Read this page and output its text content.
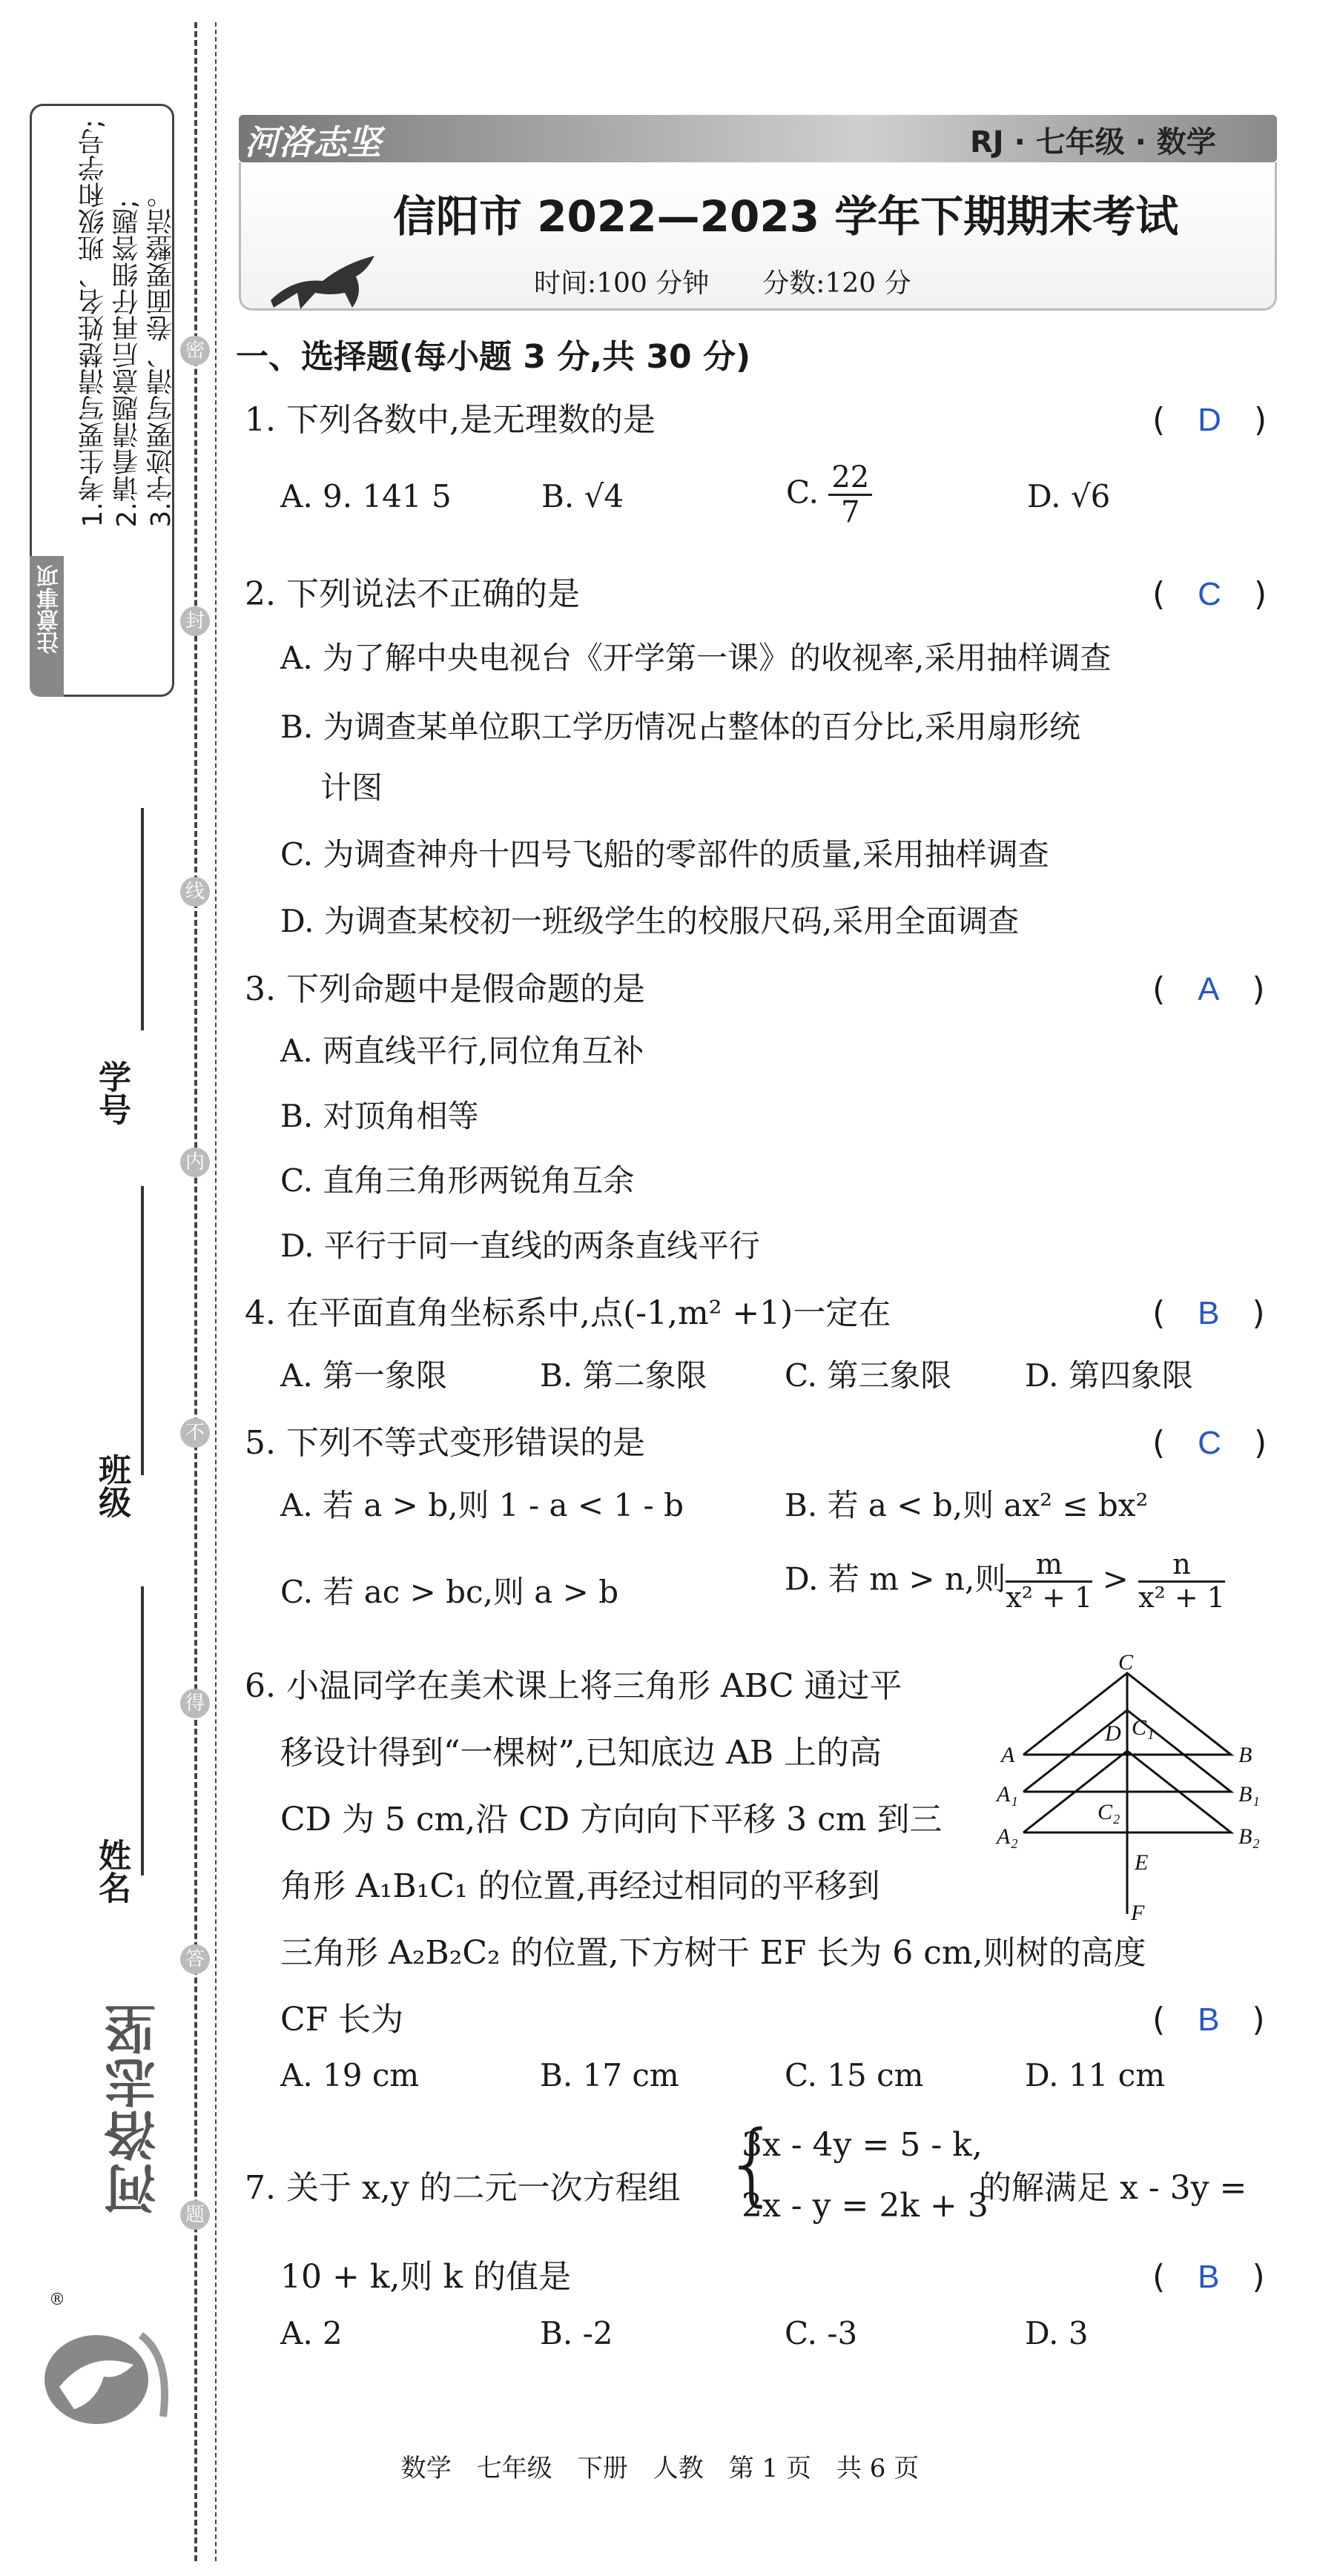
1.考生要写清楚姓名、班级和学号; 2.请看清题意后再仔细答题; 3.字迹要写清、卷面要整洁。
注意事项
密
封
线
内
不
得
答
题
学号
班级
姓名
河洛志坚
®
河洛志坚	RJ · 七年级 · 数学
信阳市 2022—2023 学年下期期末考试
时间:100 分钟　　分数:120 分
一、选择题(每小题 3 分,共 30 分)
1. 下列各数中,是无理数的是	(　D　)
A. 9. 141 5	B. √4	C. $\frac{22}{7}$	D. √6
2. 下列说法不正确的是	(　C　)
A. 为了解中央电视台《开学第一课》的收视率,采用抽样调查
B. 为调查某单位职工学历情况占整体的百分比,采用扇形统
计图
C. 为调查神舟十四号飞船的零部件的质量,采用抽样调查
D. 为调查某校初一班级学生的校服尺码,采用全面调查
3. 下列命题中是假命题的是	(　A　)
A. 两直线平行,同位角互补
B. 对顶角相等
C. 直角三角形两锐角互余
D. 平行于同一直线的两条直线平行
4. 在平面直角坐标系中,点(-1,m² +1)一定在	(　B　)
A. 第一象限	B. 第二象限 C. 第三象限 D. 第四象限
5. 下列不等式变形错误的是	(　C　)
A. 若 a > b,则 1 - a < 1 - b	B. 若 a < b,则 ax² ≤ bx²
C. 若 ac > bc,则 a > b	D. 若 m > n,则 $\frac{m}{\text{x² + 1}} > \frac{n}{\text{x² + 1}}$
6. 小温同学在美术课上将三角形 ABC 通过平
移设计得到“一棵树”,已知底边 AB 上的高
CD 为 5 cm,沿 CD 方向向下平移 3 cm 到三
角形 A₁B₁C₁ 的位置,再经过相同的平移到
三角形 A₂B₂C₂ 的位置,下方树干 EF 长为 6 cm,则树的高度
CF 长为	(　B　)
A. 19 cm	B. 17 cm	C. 15 cm	D. 11 cm
C
A
D C₁
B
A₁	B₁
C₂
A₂	B₂
E
F
7. 关于 x,y 的二元一次方程组 {
3x - 4y = 5 - k,
2x - y = 2k + 3
的解满足 x - 3y =
10 + k,则 k 的值是	(　B　)
A. 2	B. -2	C. -3	D. 3
数学　七年级　下册　人教　第 1 页　共 6 页
